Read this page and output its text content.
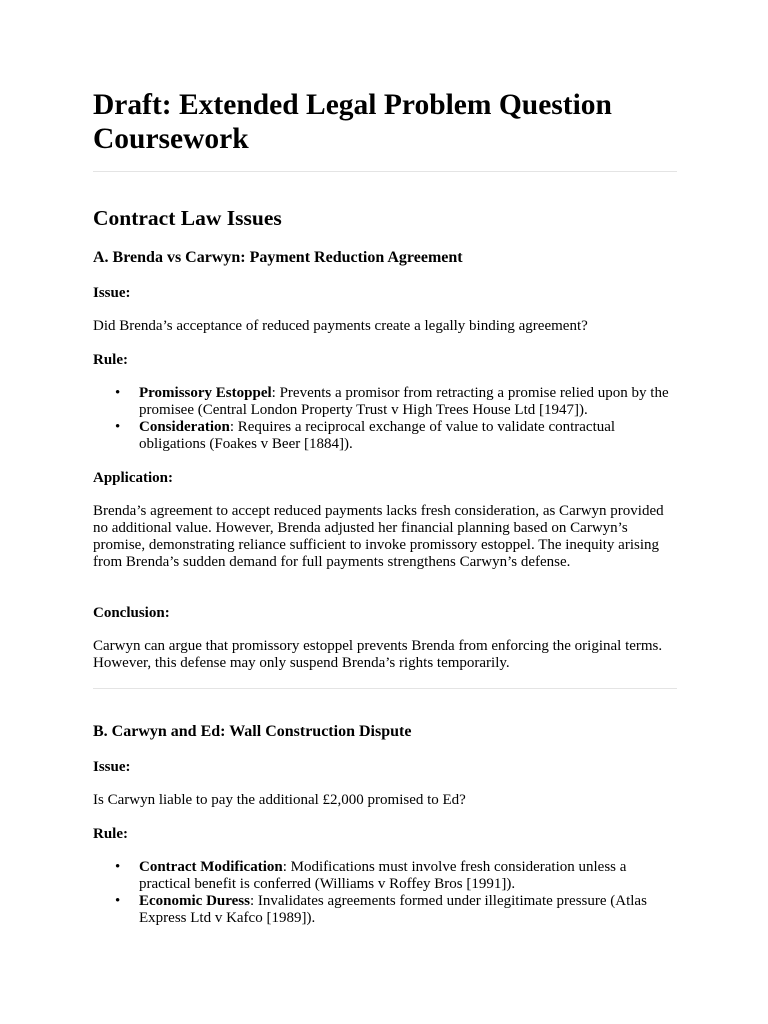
Draft: Extended Legal Problem Question Coursework
Contract Law Issues
A. Brenda vs Carwyn: Payment Reduction Agreement
Issue:

Did Brenda’s acceptance of reduced payments create a legally binding agreement?

Rule:
• Promissory Estoppel: Prevents a promisor from retracting a promise relied upon by the promisee (Central London Property Trust v High Trees House Ltd [1947]).
• Consideration: Requires a reciprocal exchange of value to validate contractual obligations (Foakes v Beer [1884]).
Application:

Brenda’s agreement to accept reduced payments lacks fresh consideration, as Carwyn provided no additional value. However, Brenda adjusted her financial planning based on Carwyn’s promise, demonstrating reliance sufficient to invoke promissory estoppel. The inequity arising from Brenda’s sudden demand for full payments strengthens Carwyn’s defense.

Conclusion:

Carwyn can argue that promissory estoppel prevents Brenda from enforcing the original terms. However, this defense may only suspend Brenda’s rights temporarily.

B. Carwyn and Ed: Wall Construction Dispute
Issue:

Is Carwyn liable to pay the additional £2,000 promised to Ed?

Rule:
• Contract Modification: Modifications must involve fresh consideration unless a practical benefit is conferred (Williams v Roffey Bros [1991]).
• Economic Duress: Invalidates agreements formed under illegitimate pressure (Atlas Express Ltd v Kafco [1989]).
